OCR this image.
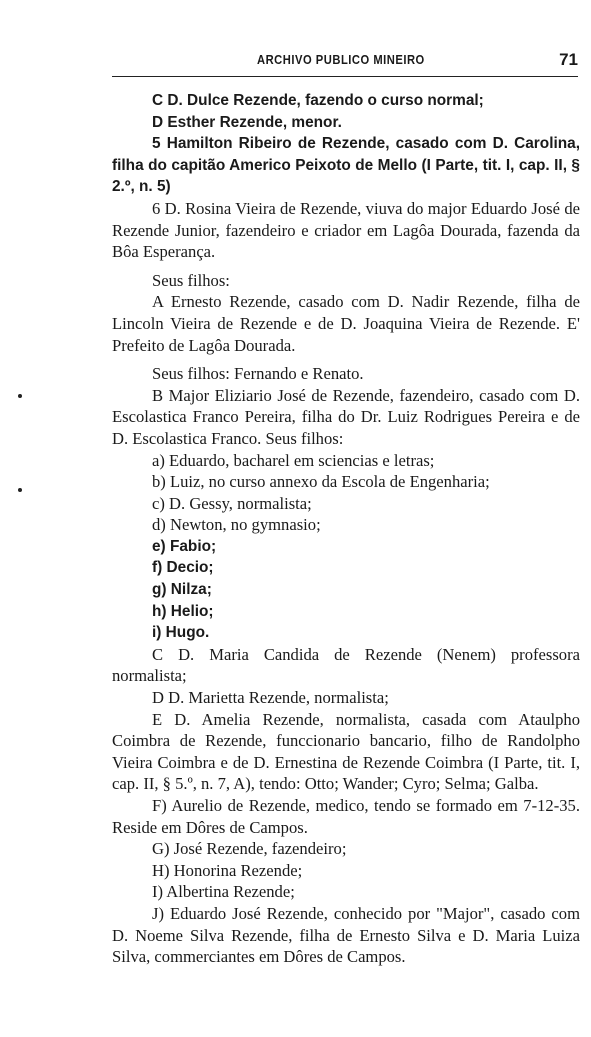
ARCHIVO PUBLICO MINEIRO	71

C D. Dulce Rezende, fazendo o curso normal;

D Esther Rezende, menor.

5 Hamilton Ribeiro de Rezende, casado com D. Carolina, filha do capitão Americo Peixoto de Mello (I Parte, tit. I, cap. II, § 2.º, n. 5)

6 D. Rosina Vieira de Rezende, viuva do major Eduardo José de Rezende Junior, fazendeiro e criador em Lagôa Dourada, fazenda da Bôa Esperança.

Seus filhos:

A Ernesto Rezende, casado com D. Nadir Rezende, filha de Lincoln Vieira de Rezende e de D. Joaquina Vieira de Rezende. E' Prefeito de Lagôa Dourada.

Seus filhos: Fernando e Renato.

B Major Eliziario José de Rezende, fazendeiro, casado com D. Escolastica Franco Pereira, filha do Dr. Luiz Rodrigues Pereira e de D. Escolastica Franco. Seus filhos:

a) Eduardo, bacharel em sciencias e letras;
b) Luiz, no curso annexo da Escola de Engenharia;
c) D. Gessy, normalista;
d) Newton, no gymnasio;
e) Fabio;
f) Decio;
g) Nilza;
h) Helio;
i) Hugo.

C D. Maria Candida de Rezende (Nenem) professora normalista;

D D. Marietta Rezende, normalista;

E D. Amelia Rezende, normalista, casada com Ataulpho Coimbra de Rezende, funccionario bancario, filho de Randolpho Vieira Coimbra e de D. Ernestina de Rezende Coimbra (I Parte, tit. I, cap. II, § 5.º, n. 7, A), tendo: Otto; Wander; Cyro; Selma; Galba.

F) Aurelio de Rezende, medico, tendo se formado em 7-12-35. Reside em Dôres de Campos.

G) José Rezende, fazendeiro;

H) Honorina Rezende;

I) Albertina Rezende;

J) Eduardo José Rezende, conhecido por "Major", casado com D. Noeme Silva Rezende, filha de Ernesto Silva e D. Maria Luiza Silva, commerciantes em Dôres de Campos.
